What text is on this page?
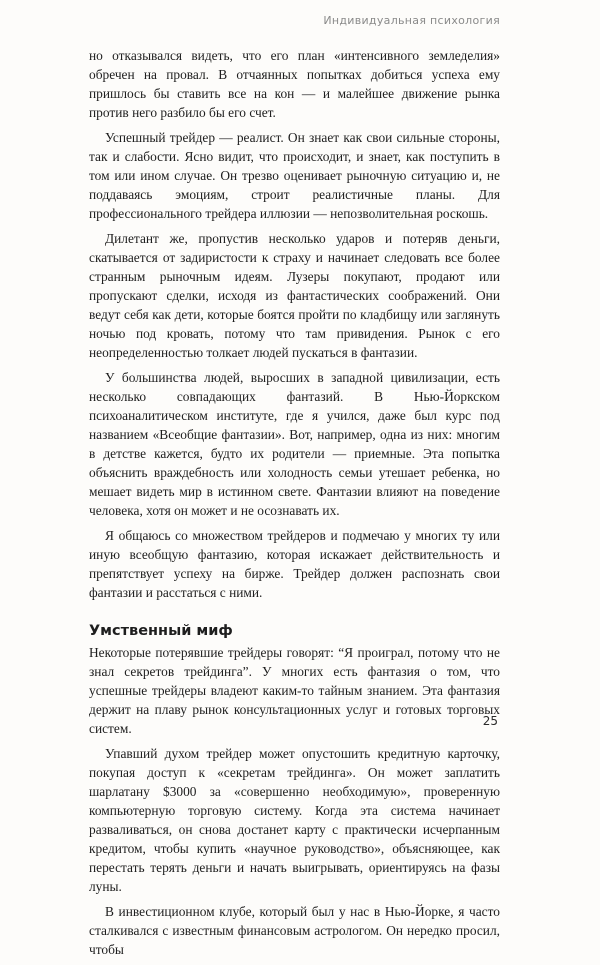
Индивидуальная психология

но отказывался видеть, что его план «интенсивного земледелия» обречен на провал. В отчаянных попытках добиться успеха ему пришлось бы ставить все на кон — и малейшее движение рынка против него разбило бы его счет.

Успешный трейдер — реалист. Он знает как свои сильные стороны, так и слабости. Ясно видит, что происходит, и знает, как поступить в том или ином случае. Он трезво оценивает рыночную ситуацию и, не поддаваясь эмоциям, строит реалистичные планы. Для профессионального трейдера иллюзии — непозволительная роскошь.

Дилетант же, пропустив несколько ударов и потеряв деньги, скатывается от задиристости к страху и начинает следовать все более странным рыночным идеям. Лузеры покупают, продают или пропускают сделки, исходя из фантастических соображений. Они ведут себя как дети, которые боятся пройти по кладбищу или заглянуть ночью под кровать, потому что там привидения. Рынок с его неопределенностью толкает людей пускаться в фантазии.

У большинства людей, выросших в западной цивилизации, есть несколько совпадающих фантазий. В Нью-Йоркском психоаналитическом институте, где я учился, даже был курс под названием «Всеобщие фантазии». Вот, например, одна из них: многим в детстве кажется, будто их родители — приемные. Эта попытка объяснить враждебность или холодность семьи утешает ребенка, но мешает видеть мир в истинном свете. Фантазии влияют на поведение человека, хотя он может и не осознавать их.

Я общаюсь со множеством трейдеров и подмечаю у многих ту или иную всеобщую фантазию, которая искажает действительность и препятствует успеху на бирже. Трейдер должен распознать свои фантазии и расстаться с ними.

Умственный миф

Некоторые потерявшие трейдеры говорят: “Я проиграл, потому что не знал секретов трейдинга”. У многих есть фантазия о том, что успешные трейдеры владеют каким-то тайным знанием. Эта фантазия держит на плаву рынок консультационных услуг и готовых торговых систем.

Упавший духом трейдер может опустошить кредитную карточку, покупая доступ к «секретам трейдинга». Он может заплатить шарлатану $3000 за «совершенно необходимую», проверенную компьютерную торговую систему. Когда эта система начинает разваливаться, он снова достанет карту с практически исчерпанным кредитом, чтобы купить «научное руководство», объясняющее, как перестать терять деньги и начать выигрывать, ориентируясь на фазы луны.

В инвестиционном клубе, который был у нас в Нью-Йорке, я часто сталкивался с известным финансовым астрологом. Он нередко просил, чтобы

25
